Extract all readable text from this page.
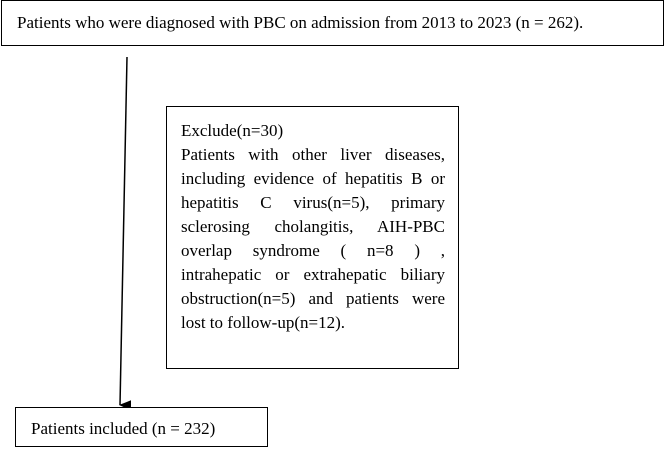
Patients who were diagnosed with PBC on admission from 2013 to 2023 (n = 262).
Exclude(n=30)
Patients with other liver diseases,
including evidence of hepatitis B or
hepatitis C virus(n=5), primary
sclerosing cholangitis, AIH-PBC
overlap syndrome ( n=8 ) ,
intrahepatic or extrahepatic biliary
obstruction(n=5) and patients were
lost to follow-up(n=12).
Patients included (n = 232)
